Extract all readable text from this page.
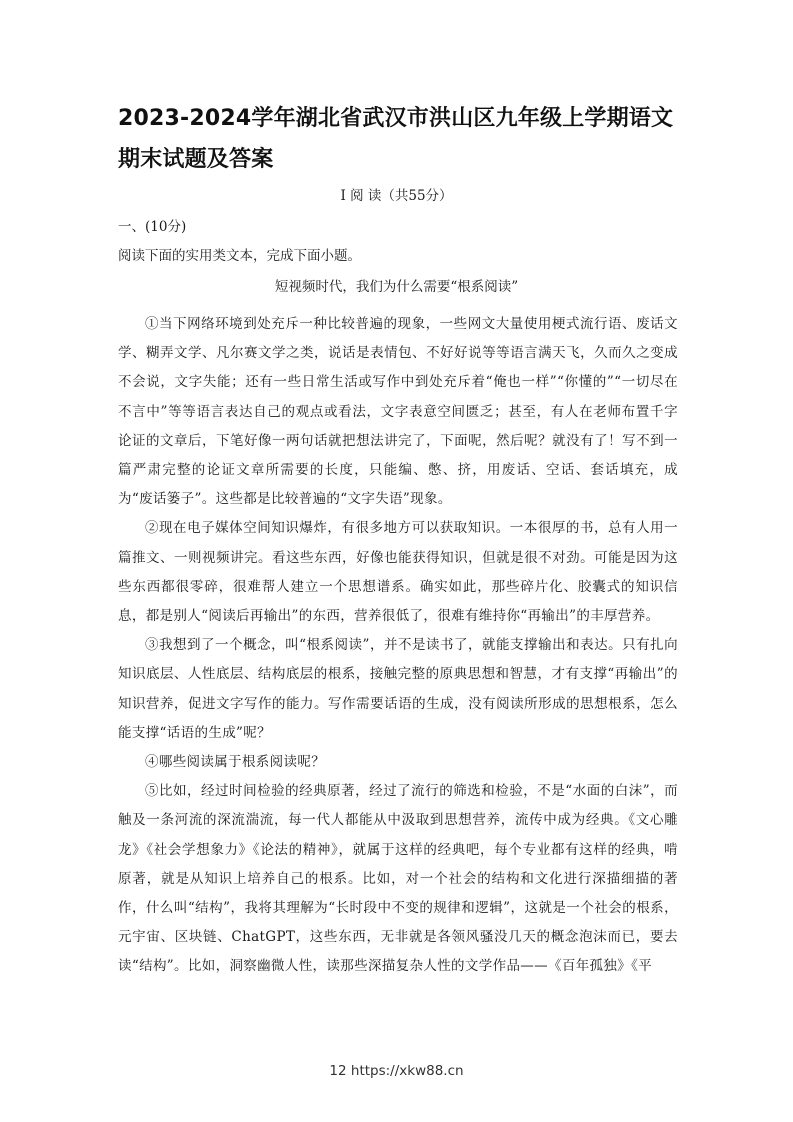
2023-2024学年湖北省武汉市洪山区九年级上学期语文期末试题及答案
Ⅰ 阅 读（共55分）
一、(10分)
阅读下面的实用类文本，完成下面小题。
短视频时代，我们为什么需要“根系阅读”

①当下网络环境到处充斥一种比较普遍的现象，一些网文大量使用梗式流行语、废话文学、糊弄文学、凡尔赛文学之类，说话是表情包、不好好说等等语言满天飞，久而久之变成不会说，文字失能；还有一些日常生活或写作中到处充斥着“俺也一样”“你懂的”“一切尽在不言中”等等语言表达自己的观点或看法，文字表意空间匮乏；甚至，有人在老师布置千字论证的文章后，下笔好像一两句话就把想法讲完了，下面呢，然后呢？就没有了！写不到一篇严肃完整的论证文章所需要的长度，只能编、憋、挤，用废话、空话、套话填充，成为“废话篓子”。这些都是比较普遍的“文字失语”现象。

②现在电子媒体空间知识爆炸，有很多地方可以获取知识。一本很厚的书，总有人用一篇推文、一则视频讲完。看这些东西，好像也能获得知识，但就是很不对劲。可能是因为这些东西都很零碎，很难帮人建立一个思想谱系。确实如此，那些碎片化、胶囊式的知识信息，都是别人“阅读后再输出”的东西，营养很低了，很难有维持你“再输出”的丰厚营养。

③我想到了一个概念，叫“根系阅读”，并不是读书了，就能支撑输出和表达。只有扎向知识底层、人性底层、结构底层的根系，接触完整的原典思想和智慧，才有支撑“再输出”的知识营养，促进文字写作的能力。写作需要话语的生成，没有阅读所形成的思想根系，怎么能支撑“话语的生成”呢？

④哪些阅读属于根系阅读呢？

⑤比如，经过时间检验的经典原著，经过了流行的筛选和检验，不是“水面的白沫”，而触及一条河流的深流湍流，每一代人都能从中汲取到思想营养，流传中成为经典。《文心雕龙》《社会学想象力》《论法的精神》，就属于这样的经典吧，每个专业都有这样的经典，啃原著，就是从知识上培养自己的根系。比如，对一个社会的结构和文化进行深描细描的著作，什么叫“结构”，我将其理解为“长时段中不变的规律和逻辑”，这就是一个社会的根系，元宇宙、区块链、ChatGPT，这些东西，无非就是各领风骚没几天的概念泡沫而已，要去读“结构”。比如，洞察幽微人性，读那些深描复杂人性的文学作品——《百年孤独》《平

12 https://xkw88.cn
